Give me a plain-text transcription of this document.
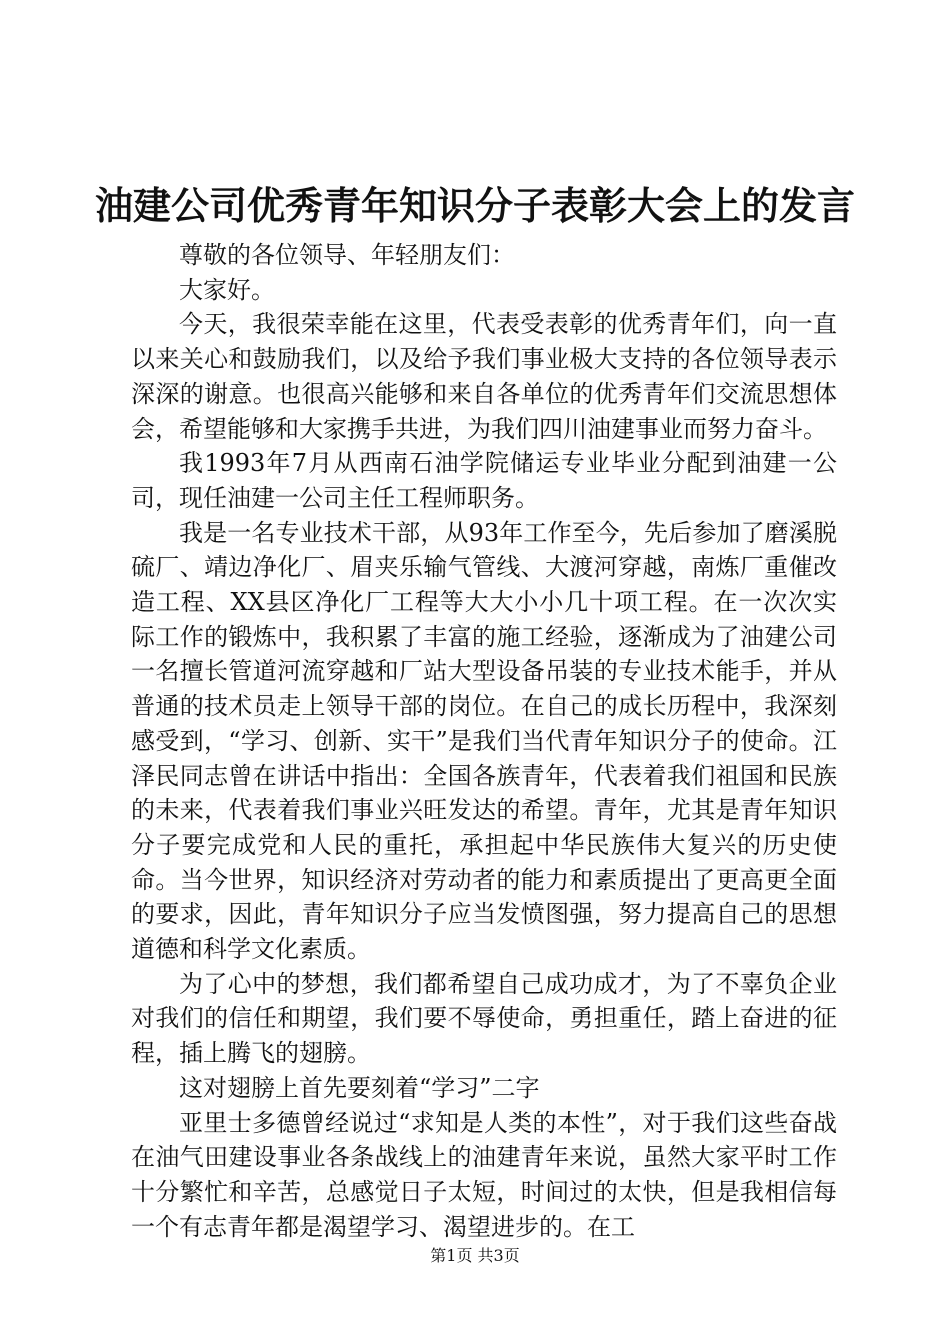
油建公司优秀青年知识分子表彰大会上的发言

尊敬的各位领导、年轻朋友们：

大家好。

今天，我很荣幸能在这里，代表受表彰的优秀青年们，向一直以来关心和鼓励我们，以及给予我们事业极大支持的各位领导表示深深的谢意。也很高兴能够和来自各单位的优秀青年们交流思想体会，希望能够和大家携手共进，为我们四川油建事业而努力奋斗。

我1993年7月从西南石油学院储运专业毕业分配到油建一公司，现任油建一公司主任工程师职务。

我是一名专业技术干部，从93年工作至今，先后参加了磨溪脱硫厂、靖边净化厂、眉夹乐输气管线、大渡河穿越，南炼厂重催改造工程、XX县区净化厂工程等大大小小几十项工程。在一次次实际工作的锻炼中，我积累了丰富的施工经验，逐渐成为了油建公司一名擅长管道河流穿越和厂站大型设备吊装的专业技术能手，并从普通的技术员走上领导干部的岗位。在自己的成长历程中，我深刻感受到，“学习、创新、实干”是我们当代青年知识分子的使命。江泽民同志曾在讲话中指出：全国各族青年，代表着我们祖国和民族的未来，代表着我们事业兴旺发达的希望。青年，尤其是青年知识分子要完成党和人民的重托，承担起中华民族伟大复兴的历史使命。当今世界，知识经济对劳动者的能力和素质提出了更高更全面的要求，因此，青年知识分子应当发愤图强，努力提高自己的思想道德和科学文化素质。

为了心中的梦想，我们都希望自己成功成才，为了不辜负企业对我们的信任和期望，我们要不辱使命，勇担重任，踏上奋进的征程，插上腾飞的翅膀。

这对翅膀上首先要刻着“学习”二字

亚里士多德曾经说过“求知是人类的本性”，对于我们这些奋战在油气田建设事业各条战线上的油建青年来说，虽然大家平时工作十分繁忙和辛苦，总感觉日子太短，时间过的太快，但是我相信每一个有志青年都是渴望学习、渴望进步的。在工

第1页 共3页
